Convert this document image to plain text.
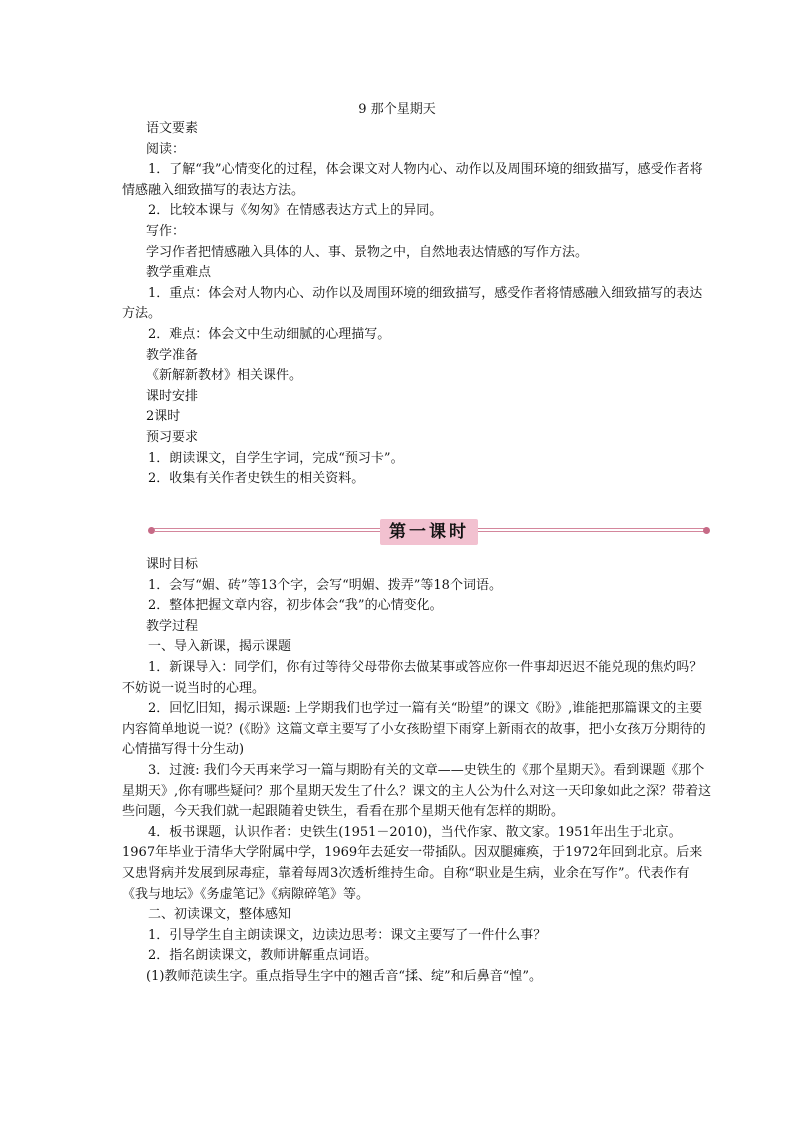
9 那个星期天

语文要素

阅读：

1．了解“我”心情变化的过程，体会课文对人物内心、动作以及周围环境的细致描写，感受作者将情感融入细致描写的表达方法。

2．比较本课与《匆匆》在情感表达方式上的异同。

写作：

学习作者把情感融入具体的人、事、景物之中，自然地表达情感的写作方法。

教学重难点

1．重点：体会对人物内心、动作以及周围环境的细致描写，感受作者将情感融入细致描写的表达方法。

2．难点：体会文中生动细腻的心理描写。

教学准备

《新解新教材》相关课件。

课时安排

2课时

预习要求

1．朗读课文，自学生字词，完成“预习卡”。

2．收集有关作者史铁生的相关资料。

第一课时

课时目标

1．会写“媚、砖”等13个字，会写“明媚、拨弄”等18个词语。

2．整体把握文章内容，初步体会“我”的心情变化。

教学过程

一、导入新课，揭示课题

1．新课导入：同学们，你有过等待父母带你去做某事或答应你一件事却迟迟不能兑现的焦灼吗？不妨说一说当时的心理。

2．回忆旧知，揭示课题: 上学期我们也学过一篇有关“盼望”的课文《盼》,谁能把那篇课文的主要内容简单地说一说？(《盼》这篇文章主要写了小女孩盼望下雨穿上新雨衣的故事，把小女孩万分期待的心情描写得十分生动)

3．过渡: 我们今天再来学习一篇与期盼有关的文章——史铁生的《那个星期天》。看到课题《那个星期天》,你有哪些疑问？那个星期天发生了什么？课文的主人公为什么对这一天印象如此之深？带着这些问题，今天我们就一起跟随着史铁生，看看在那个星期天他有怎样的期盼。

4．板书课题，认识作者：史铁生(1951－2010)，当代作家、散文家。1951年出生于北京。1967年毕业于清华大学附属中学，1969年去延安一带插队。因双腿瘫痪，于1972年回到北京。后来又患肾病并发展到尿毒症，靠着每周3次透析维持生命。自称“职业是生病，业余在写作”。代表作有《我与地坛》《务虚笔记》《病隙碎笔》等。

二、初读课文，整体感知

1．引导学生自主朗读课文，边读边思考：课文主要写了一件什么事？

2．指名朗读课文，教师讲解重点词语。

(1)教师范读生字。重点指导生字中的翘舌音“揉、绽”和后鼻音“惶”。
